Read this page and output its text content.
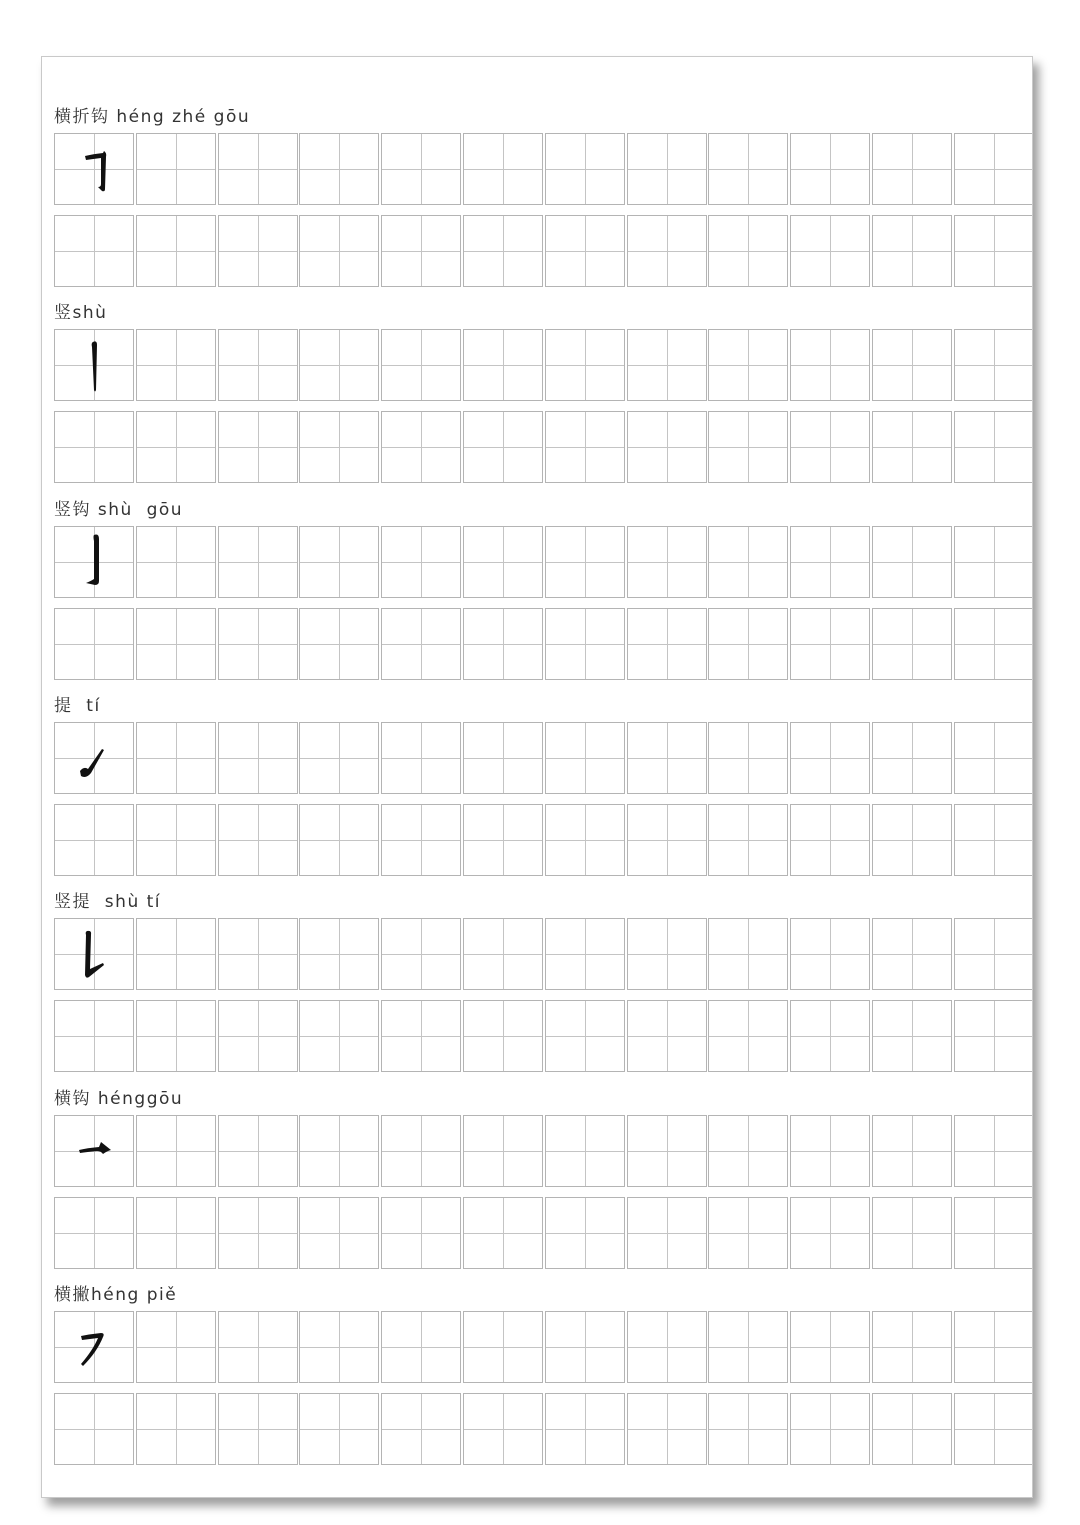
横折钩 héng zhé gōu
竖shù
竖钩 shù  gōu
提  tí
竖提  shù tí
横钩 hénggōu
横撇héng piě
